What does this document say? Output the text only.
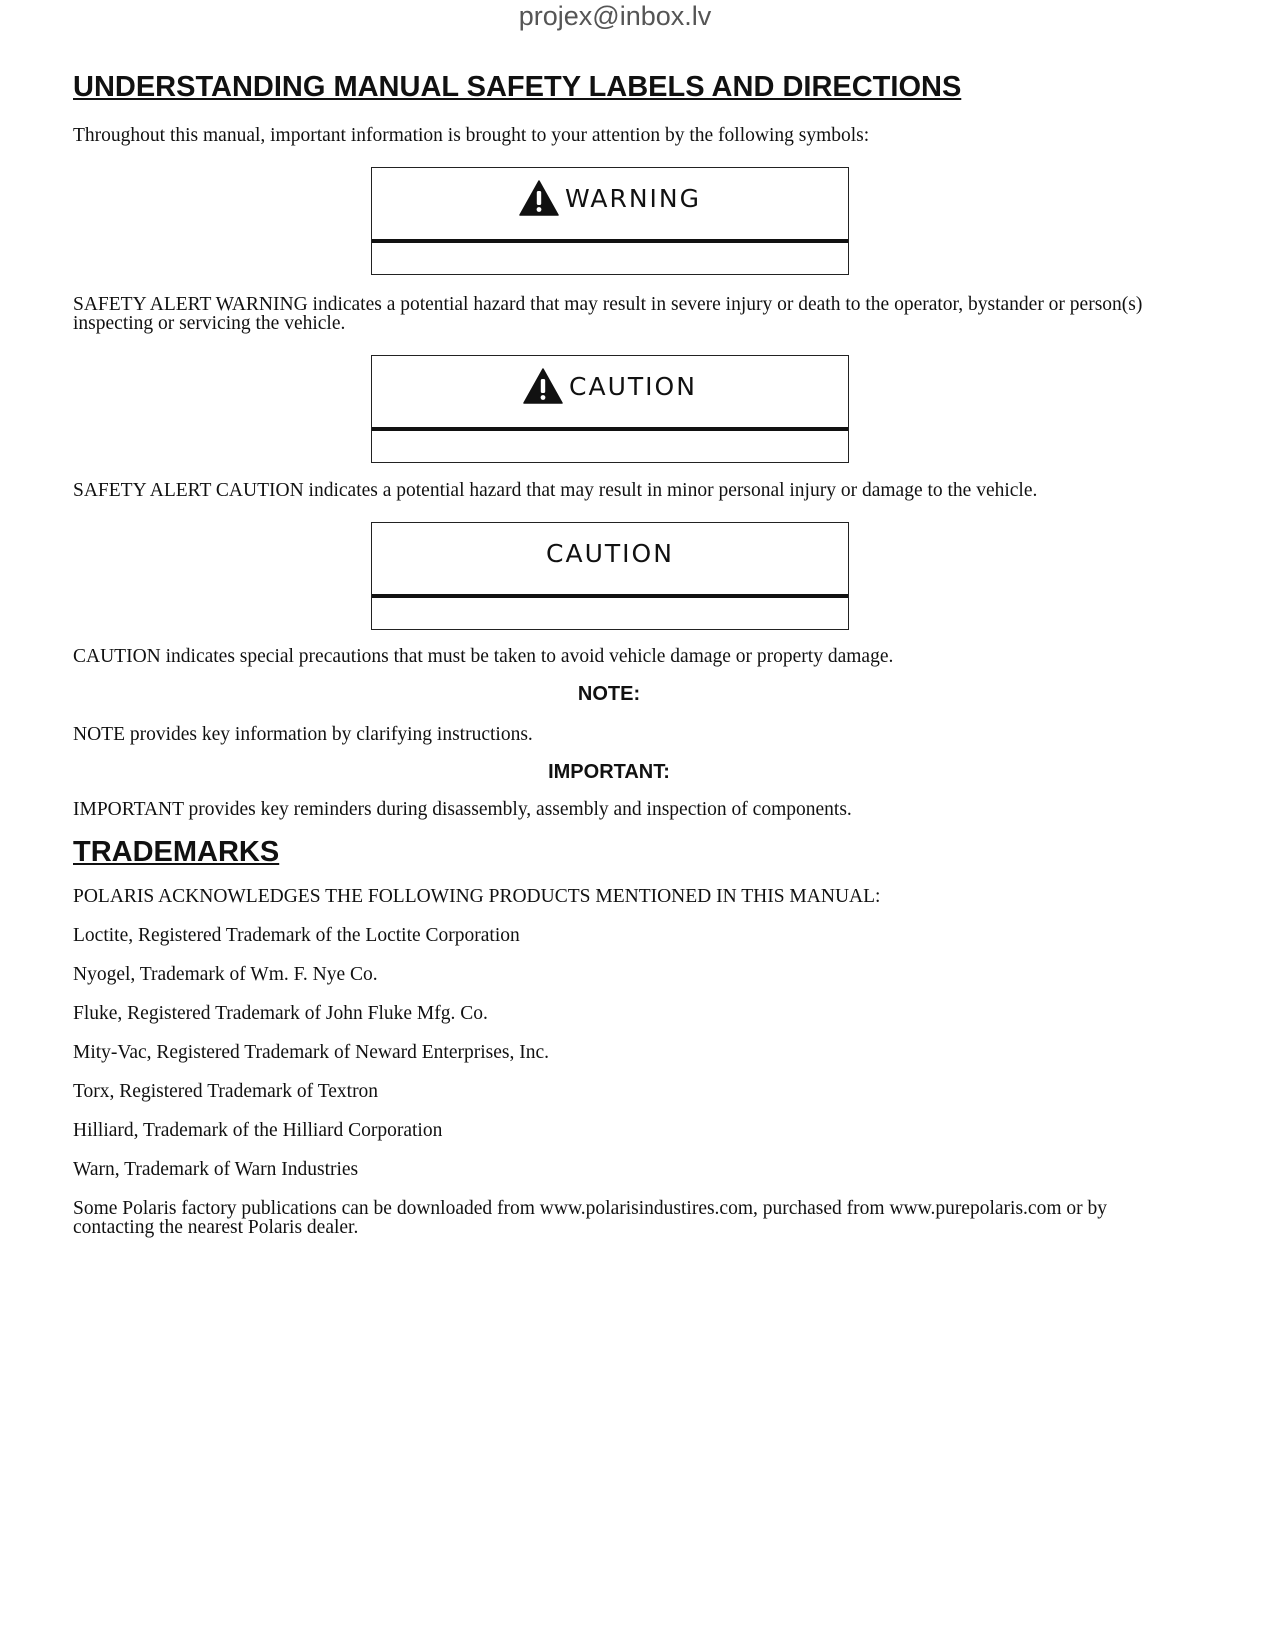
projex@inbox.lv
UNDERSTANDING MANUAL SAFETY LABELS AND DIRECTIONS

Throughout this manual, important information is brought to your attention by the following symbols:

WARNING

SAFETY ALERT WARNING indicates a potential hazard that may result in severe injury or death to the operator, bystander or person(s) inspecting or servicing the vehicle.

CAUTION

SAFETY ALERT CAUTION indicates a potential hazard that may result in minor personal injury or damage to the vehicle.

CAUTION

CAUTION indicates special precautions that must be taken to avoid vehicle damage or property damage.

NOTE:

NOTE provides key information by clarifying instructions.

IMPORTANT:

IMPORTANT provides key reminders during disassembly, assembly and inspection of components.

TRADEMARKS

POLARIS ACKNOWLEDGES THE FOLLOWING PRODUCTS MENTIONED IN THIS MANUAL:

Loctite, Registered Trademark of the Loctite Corporation

Nyogel, Trademark of Wm. F. Nye Co.

Fluke, Registered Trademark of John Fluke Mfg. Co.

Mity-Vac, Registered Trademark of Neward Enterprises, Inc.

Torx, Registered Trademark of Textron

Hilliard, Trademark of the Hilliard Corporation

Warn, Trademark of Warn Industries

Some Polaris factory publications can be downloaded from www.polarisindustires.com, purchased from www.purepolaris.com or by contacting the nearest Polaris dealer.
